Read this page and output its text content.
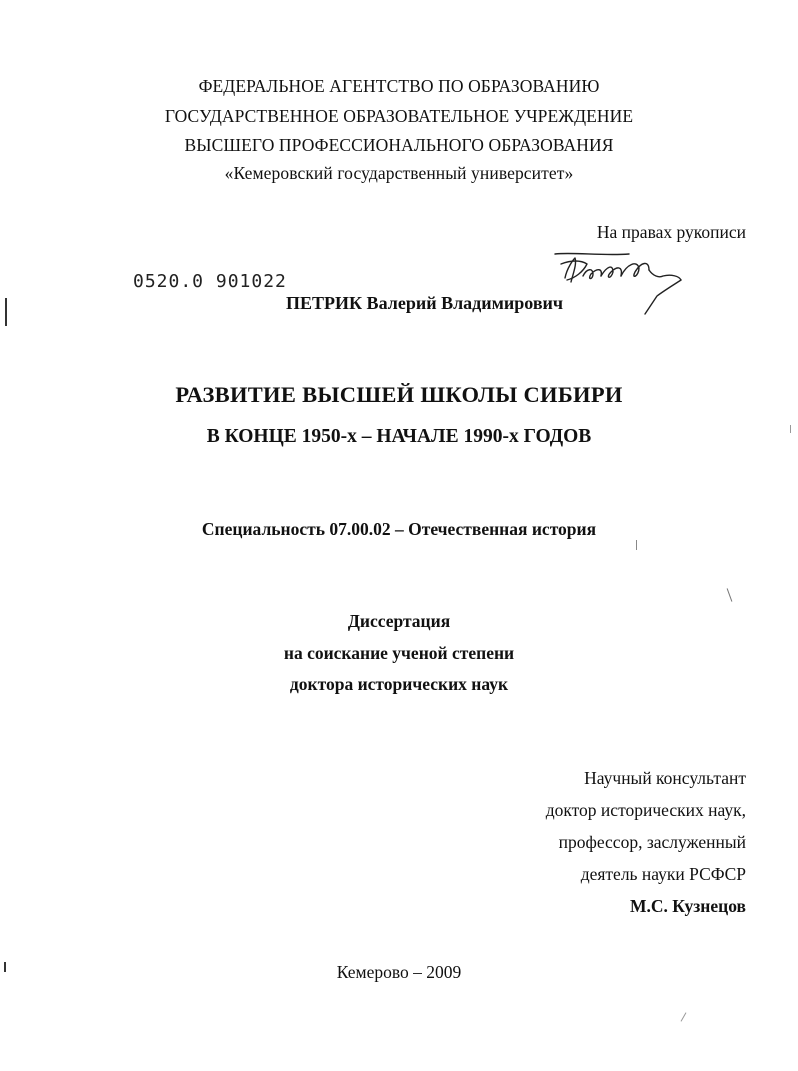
ФЕДЕРАЛЬНОЕ АГЕНТСТВО ПО ОБРАЗОВАНИЮ
ГОСУДАРСТВЕННОЕ ОБРАЗОВАТЕЛЬНОЕ УЧРЕЖДЕНИЕ
ВЫСШЕГО ПРОФЕССИОНАЛЬНОГО ОБРАЗОВАНИЯ
«Кемеровский государственный университет»
На правах рукописи
0520.0 901022
ПЕТРИК Валерий Владимирович
РАЗВИТИЕ ВЫСШЕЙ ШКОЛЫ СИБИРИ
В КОНЦЕ 1950-х – НАЧАЛЕ 1990-х ГОДОВ
Специальность 07.00.02 – Отечественная история
Диссертация
на соискание ученой степени
доктора исторических наук
Научный консультант
доктор исторических наук,
профессор, заслуженный
деятель науки РСФСР
М.С. Кузнецов
Кемерово – 2009
